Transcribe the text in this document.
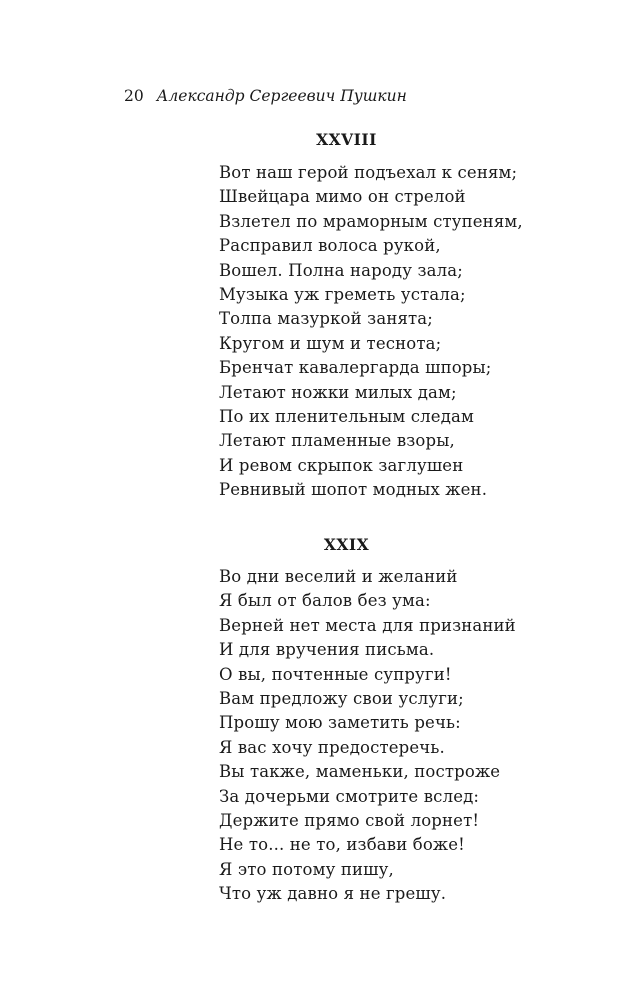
20 Александр Сергеевич Пушкин
XXVIII
Вот наш герой подъехал к сеням;
Швейцара мимо он стрелой
Взлетел по мраморным ступеням,
Расправил волоса рукой,
Вошел. Полна народу зала;
Музыка уж греметь устала;
Толпа мазуркой занята;
Кругом и шум и теснота;
Бренчат кавалергарда шпоры;
Летают ножки милых дам;
По их пленительным следам
Летают пламенные взоры,
И ревом скрыпок заглушен
Ревнивый шопот модных жен.
XXIX
Во дни веселий и желаний
Я был от балов без ума:
Верней нет места для признаний
И для вручения письма.
О вы, почтенные супруги!
Вам предложу свои услуги;
Прошу мою заметить речь:
Я вас хочу предостеречь.
Вы также, маменьки, построже
За дочерьми смотрите вслед:
Держите прямо свой лорнет!
Не то... не то, избави боже!
Я это потому пишу,
Что уж давно я не грешу.
